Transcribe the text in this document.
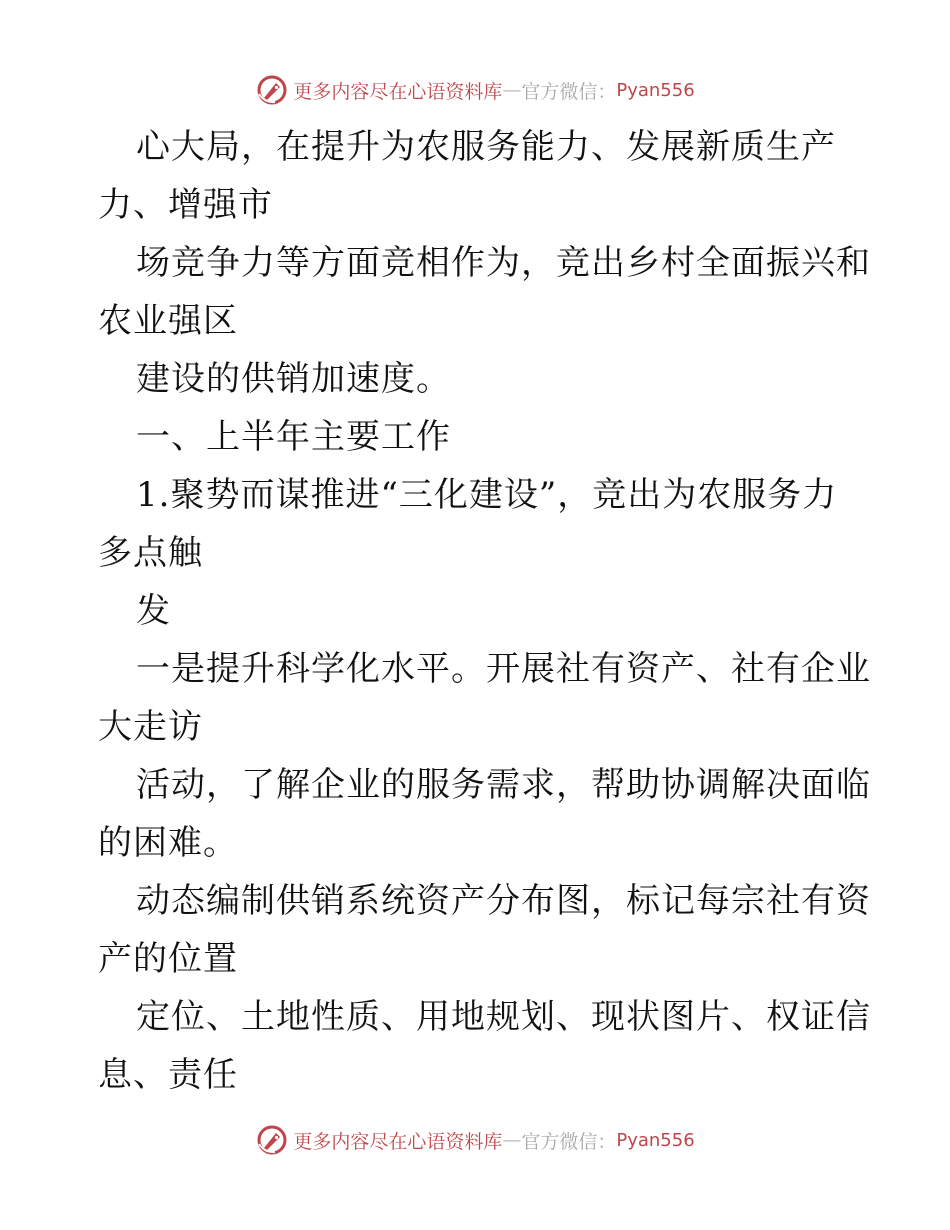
更多内容尽在心语资料库 — 官方微信： Pyan556
心大局，在提升为农服务能力、发展新质生产
力、增强市
场竞争力等方面竞相作为，竞出乡村全面振兴和
农业强区
建设的供销加速度。
一、上半年主要工作
1.聚势而谋推进“三化建设”，竞出为农服务力
多点触
发
一是提升科学化水平。开展社有资产、社有企业
大走访
活动，了解企业的服务需求，帮助协调解决面临
的困难。
动态编制供销系统资产分布图，标记每宗社有资
产的位置
定位、土地性质、用地规划、现状图片、权证信
息、责任
更多内容尽在心语资料库 — 官方微信： Pyan556
